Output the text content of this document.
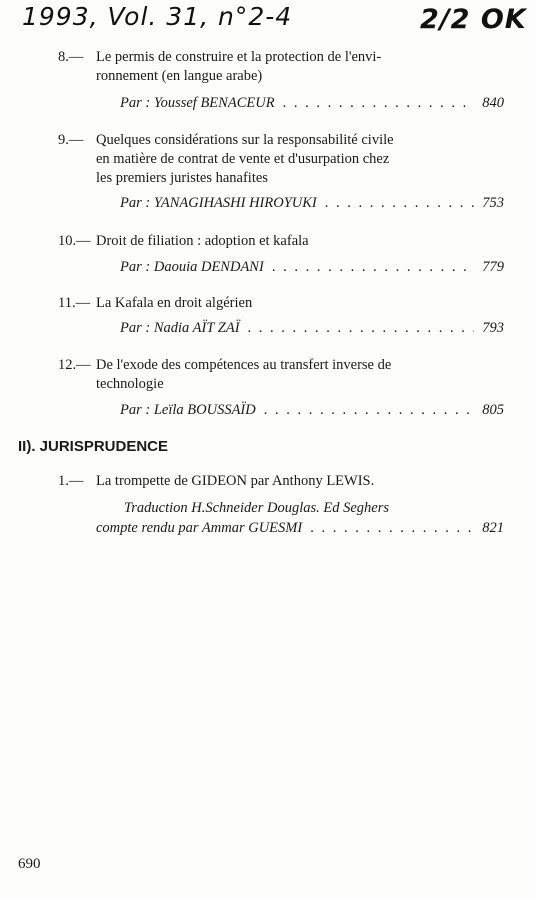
1993, Vol. 31, n°2-4	2/2 OK
8.— Le permis de construire et la protection de l'envi-
ronnement (en langue arabe)
Par :
Youssef BENACEUR . . .	840
9.— Quelques considérations sur la responsabilité civile
en matière de contrat de vente et d'usurpation chez
les premiers juristes hanafites
Par :
YANAGIHASHI HIROYUKI . . .	753
10.— Droit de filiation : adoption et kafala
Par :
Daouia DENDANI . . .	779
11.— La Kafala en droit algérien
Par :
Nadia AÏT ZAÏ . . .	793
12.— De l'exode des compétences au transfert inverse de
technologie
Par :
Leïla BOUSSAÏD . . .	805
II). JURISPRUDENCE
1.— La trompette de GIDEON par Anthony LEWIS.
Traduction H.Schneider Douglas. Ed Seghers
compte rendu par Ammar GUESMI . . .	821
690
